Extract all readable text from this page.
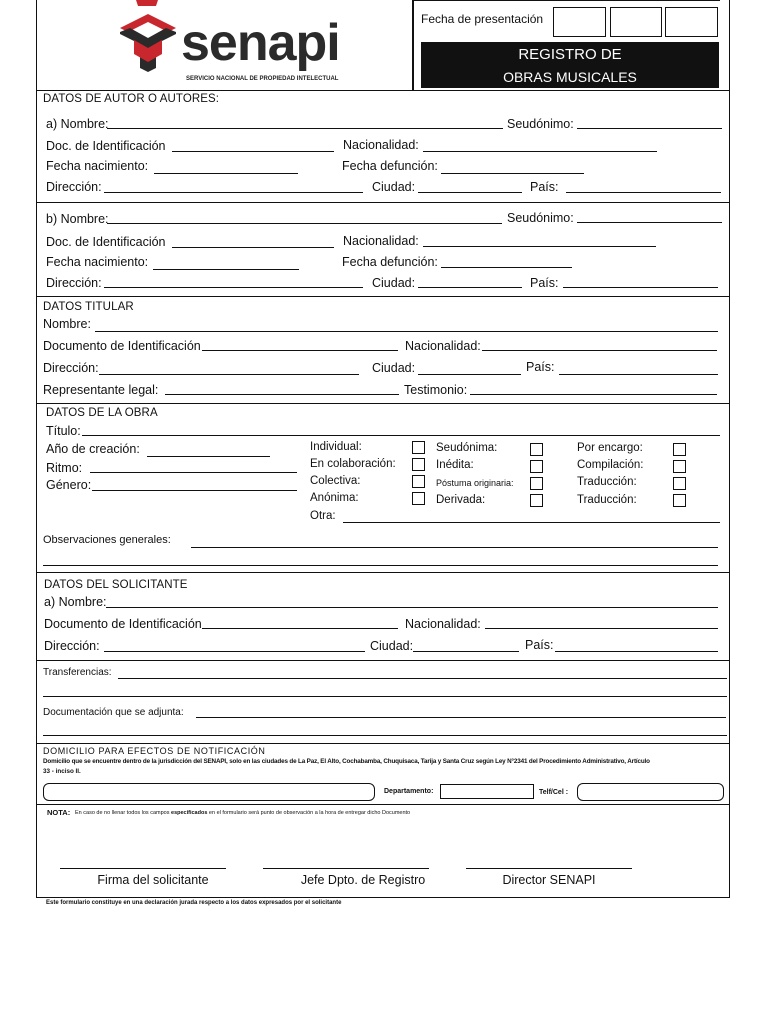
senapi
SERVICIO NACIONAL DE PROPIEDAD INTELECTUAL
Fecha de presentación
REGISTRO DE
OBRAS MUSICALES
DATOS DE AUTOR O AUTORES:
a) Nombre:	Seudónimo:
Doc. de Identificación	Nacionalidad:
Fecha nacimiento:	Fecha defunción:
Dirección:	Ciudad:	País:
b) Nombre:	Seudónimo:
Doc. de Identificación	Nacionalidad:
Fecha nacimiento:	Fecha defunción:
Dirección:	Ciudad:	País:
DATOS TITULAR
Nombre:
Documento de Identificación	Nacionalidad:
Dirección:	Ciudad:	País:
Representante legal:	Testimonio:
DATOS DE LA OBRA
Título:
Año de creación:
Ritmo:
Género:
Individual:
En colaboración:
Colectiva:
Anónima:
Otra:
Seudónima:
Inédita:
Póstuma originaria:
Derivada:
Por encargo:
Compilación:
Traducción:
Traducción:
Observaciones generales:
DATOS DEL SOLICITANTE
a) Nombre:
Documento de Identificación	Nacionalidad:
Dirección:	Ciudad:	País:
Transferencias:
Documentación que se adjunta:
DOMICILIO PARA EFECTOS DE NOTIFICACIÓN
Domicilio que se encuentre dentro de la jurisdicción del SENAPI, solo en las ciudades de La Paz, El Alto, Cochabamba, Chuquisaca, Tarija y Santa Cruz según Ley N°2341 del Procedimiento Administrativo, Artículo
33 - inciso II.
Departamento:	Telf/Cel :
NOTA: En caso de no llenar todos los campos especificados en el formulario será punto de observación a la hora de entregar dicho Documento
Firma del solicitante	Jefe Dpto. de Registro	Director SENAPI
Este formulario constituye en una declaración jurada respecto a los datos expresados por el solicitante
